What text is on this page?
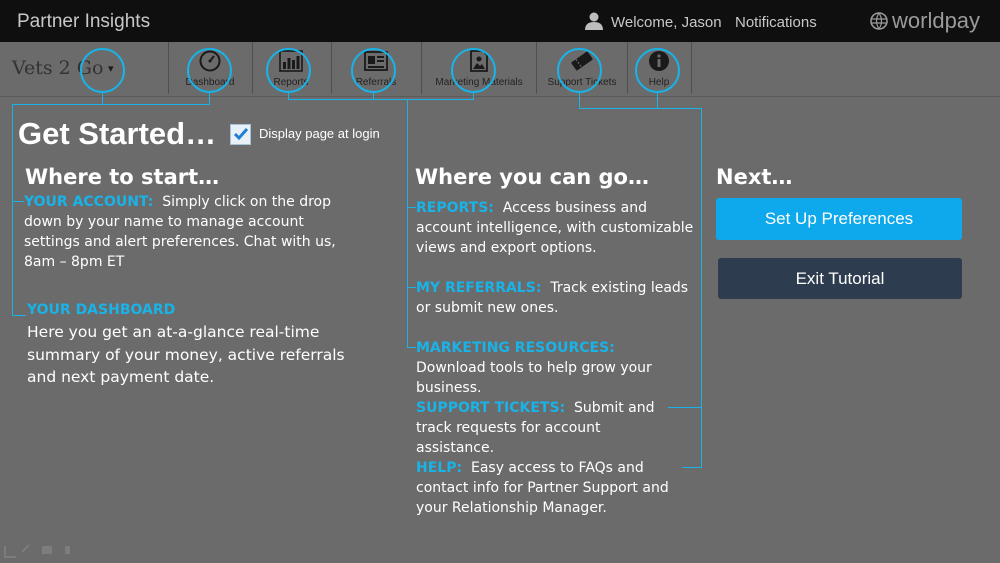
Partner Insights	Welcome, Jason Notifications	worldpay
Vets 2 Go ▾
Dashboard	Reports	Referrals	Marketing Materials	Support Tickets	Help
Get Started…	Display page at login
Where to start…
YOUR ACCOUNT: Simply click on the drop down by your name to manage account settings and alert preferences. Chat with us, 8am – 8pm ET
YOUR DASHBOARD
Here you get an at-a-glance real-time summary of your money, active referrals and next payment date.
Where you can go…
REPORTS: Access business and account intelligence, with customizable views and export options.
MY REFERRALS: Track existing leads or submit new ones.
MARKETING RESOURCES:  Download tools to help grow your business.
SUPPORT TICKETS: Submit and track requests for account assistance.
HELP: Easy access to FAQs and contact info for Partner Support and your Relationship Manager.
Next…
Set Up Preferences
Exit Tutorial
